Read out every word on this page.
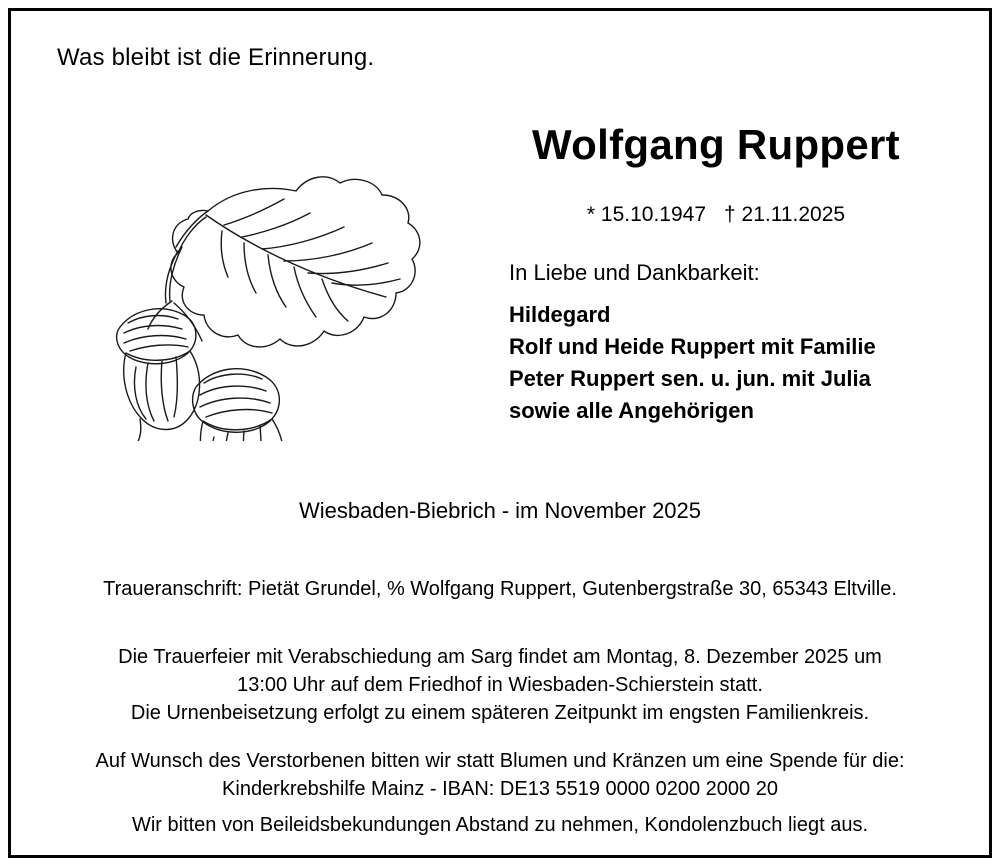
Was bleibt ist die Erinnerung.
Wolfgang Ruppert
* 15.10.1947 † 21.11.2025
In Liebe und Dankbarkeit:
Hildegard
Rolf und Heide Ruppert mit Familie
Peter Ruppert sen. u. jun. mit Julia
sowie alle Angehörigen
Wiesbaden-Biebrich - im November 2025
Traueranschrift: Pietät Grundel, % Wolfgang Ruppert, Gutenbergstraße 30, 65343 Eltville.
Die Trauerfeier mit Verabschiedung am Sarg findet am Montag, 8. Dezember 2025 um
13:00 Uhr auf dem Friedhof in Wiesbaden-Schierstein statt.
Die Urnenbeisetzung erfolgt zu einem späteren Zeitpunkt im engsten Familienkreis.
Auf Wunsch des Verstorbenen bitten wir statt Blumen und Kränzen um eine Spende für die:
Kinderkrebshilfe Mainz - IBAN: DE13 5519 0000 0200 2000 20
Wir bitten von Beileidsbekundungen Abstand zu nehmen, Kondolenzbuch liegt aus.
